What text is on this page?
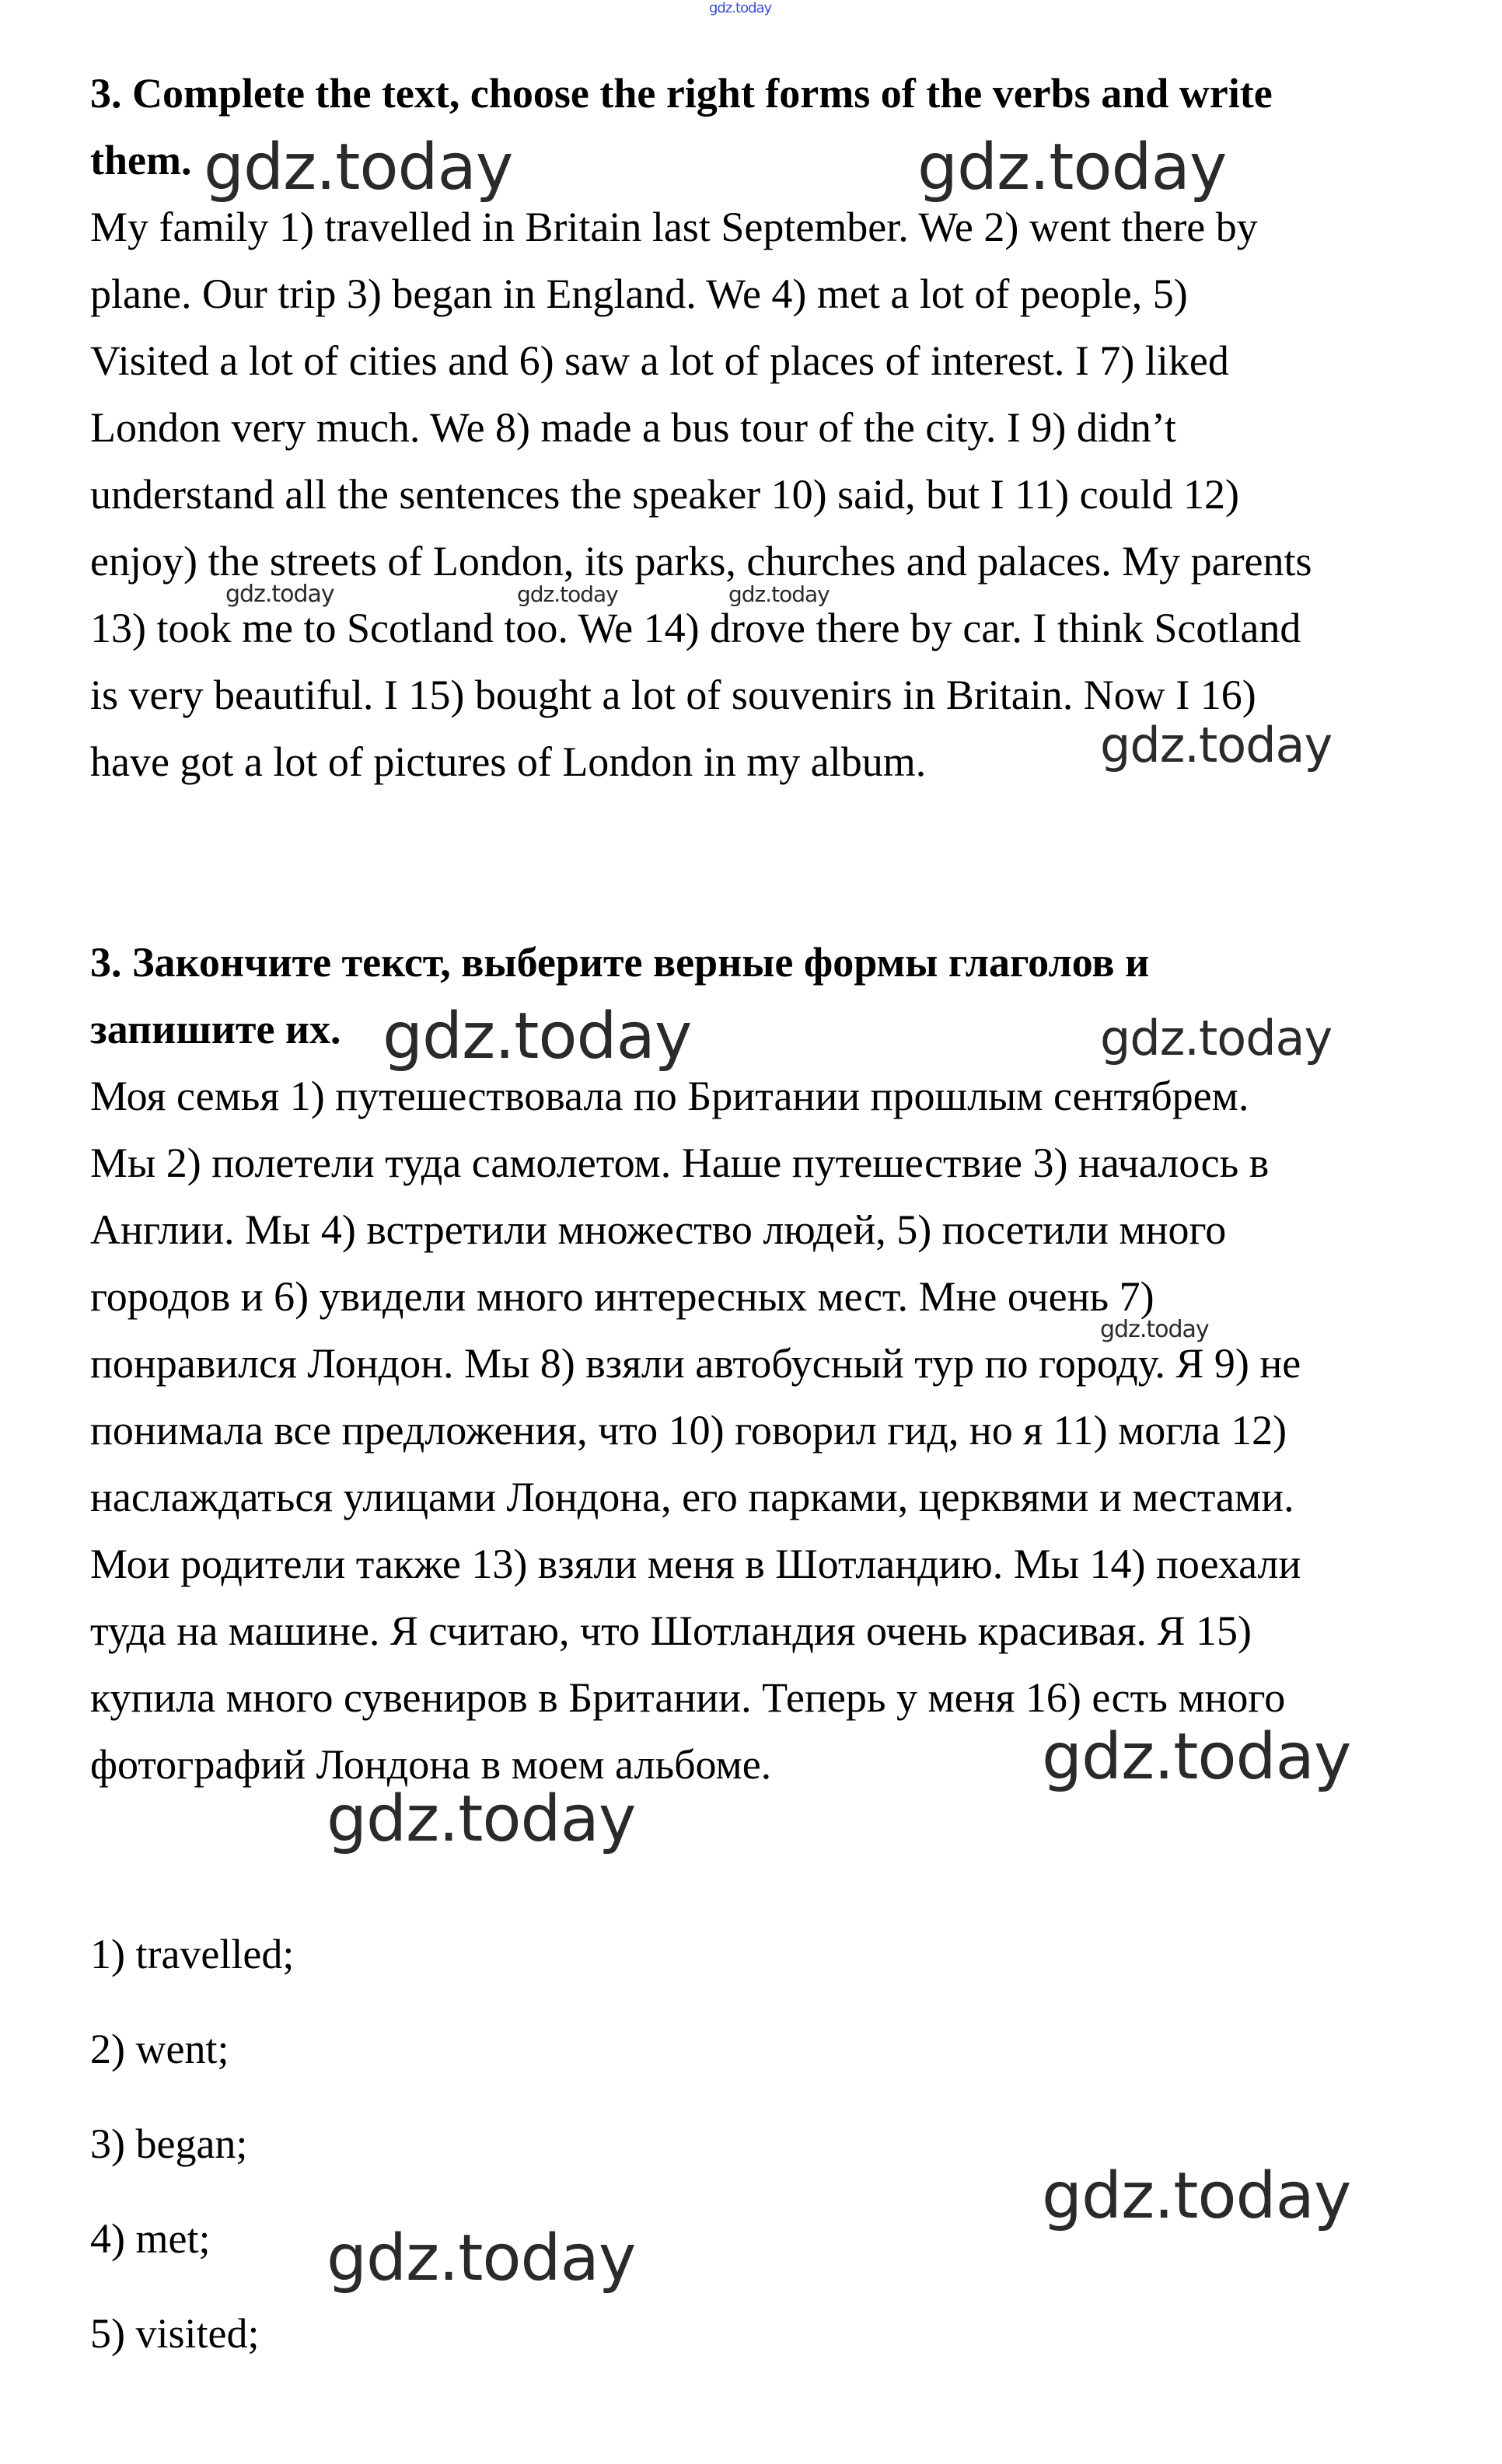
gdz.today
3. Complete the text, choose the right forms of the verbs and write
them.
My family 1) travelled in Britain last September. We 2) went there by
plane. Our trip 3) began in England. We 4) met a lot of people, 5)
Visited a lot of cities and 6) saw a lot of places of interest. I 7) liked
London very much. We 8) made a bus tour of the city. I 9) didn’t
understand all the sentences the speaker 10) said, but I 11) could 12)
enjoy) the streets of London, its parks, churches and palaces. My parents
13) took me to Scotland too. We 14) drove there by car. I think Scotland
is very beautiful. I 15) bought a lot of souvenirs in Britain. Now I 16)
have got a lot of pictures of London in my album.
3. Закончите текст, выберите верные формы глаголов и
запишите их.
Моя семья 1) путешествовала по Британии прошлым сентябрем.
Мы 2) полетели туда самолетом. Наше путешествие 3) началось в
Англии. Мы 4) встретили множество людей, 5) посетили много
городов и 6) увидели много интересных мест. Мне очень 7)
понравился Лондон. Мы 8) взяли автобусный тур по городу. Я 9) не
понимала все предложения, что 10) говорил гид, но я 11) могла 12)
наслаждаться улицами Лондона, его парками, церквями и местами.
Мои родители также 13) взяли меня в Шотландию. Мы 14) поехали
туда на машине. Я считаю, что Шотландия очень красивая. Я 15)
купила много сувениров в Британии. Теперь у меня 16) есть много
фотографий Лондона в моем альбоме.
1) travelled;
2) went;
3) began;
4) met;
5) visited;
gdz.today	gdz.today
gdz.today	gdz.today	gdz.today
gdz.today
gdz.today	gdz.today
gdz.today
gdz.today
gdz.today
gdz.today
gdz.today
